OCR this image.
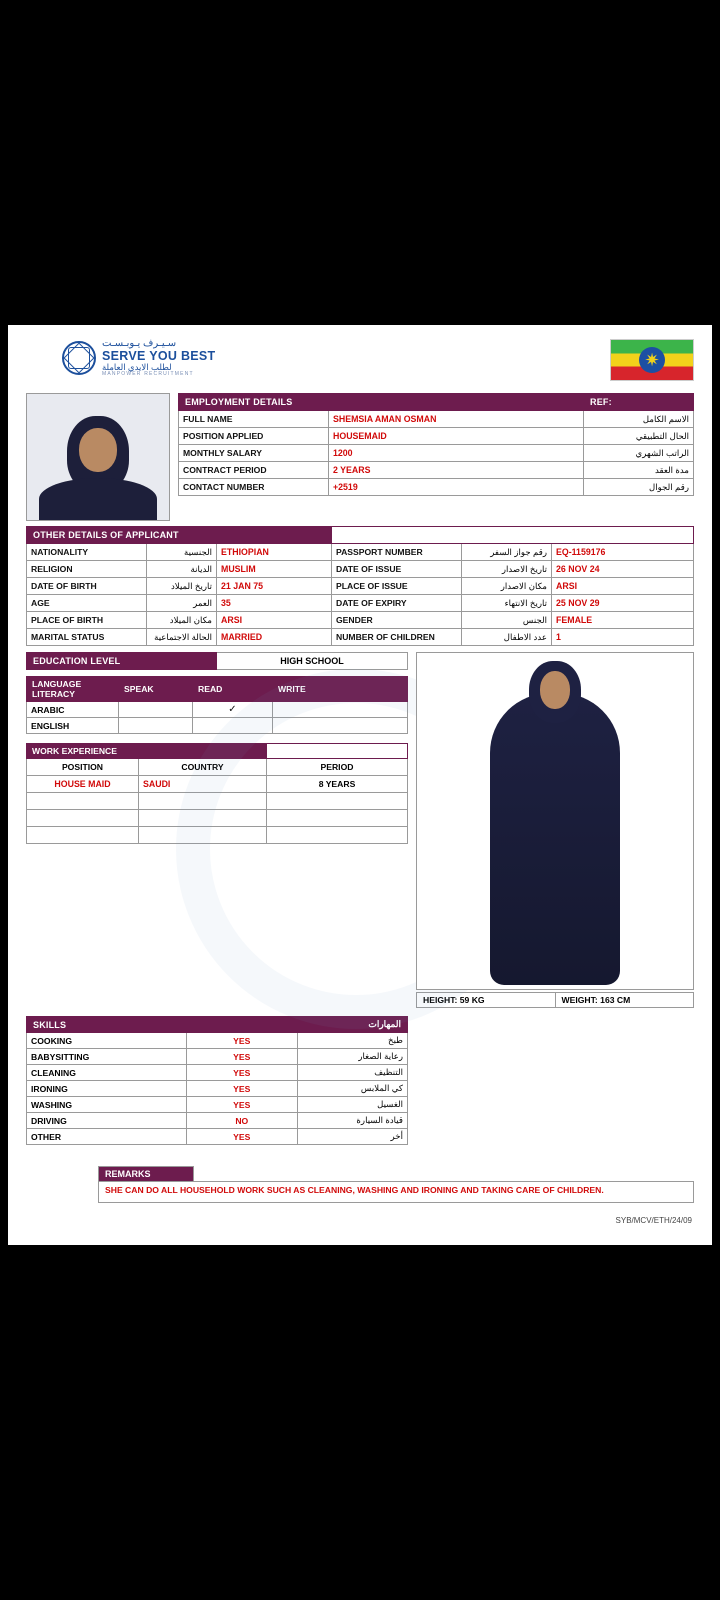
سـيـرف يـوبـسـت
SERVE YOU BEST
لطلب الايدي العاملة
MANPOWER RECRUITMENT
✷
EMPLOYMENT DETAILS		REF:
FULL NAME	SHEMSIA AMAN OSMAN	الاسم الكامل
POSITION APPLIED	HOUSEMAID	الحال التطبيقي
MONTHLY SALARY	1200	الراتب الشهري
CONTRACT PERIOD	2 YEARS	مدة العقد
CONTACT NUMBER	+2519	رقم الجوال
OTHER DETAILS OF APPLICANT					
NATIONALITY	الجنسية	ETHIOPIAN	PASSPORT NUMBER	رقم جواز السفر	EQ-1159176
RELIGION	الديانة	MUSLIM	DATE OF ISSUE	تاريخ الاصدار	26 NOV 24
DATE OF BIRTH	تاريخ الميلاد	21 JAN 75	PLACE OF ISSUE	مكان الاصدار	ARSI
AGE	العمر	35	DATE OF EXPIRY	تاريخ الانتهاء	25 NOV 29
PLACE OF BIRTH	مكان الميلاد	ARSI	GENDER	الجنس	FEMALE
MARITAL STATUS	الحالة الاجتماعية	MARRIED	NUMBER OF CHILDREN	عدد الاطفال	1
EDUCATION LEVEL	HIGH SCHOOL
LANGUAGE LITERACY	SPEAK	READ	WRITE
ARABIC		✓	
ENGLISH			
WORK EXPERIENCE		
POSITION	COUNTRY	PERIOD
HOUSE MAID	SAUDI	8 YEARS

HEIGHT: 59 KG	WEIGHT: 163 CM
SKILLS		المهارات
COOKING	YES	طبخ
BABYSITTING	YES	رعاية الصغار
CLEANING	YES	التنظيف
IRONING	YES	كي الملابس
WASHING	YES	الغسيل
DRIVING	NO	قيادة السيارة
OTHER	YES	أخر
REMARKS
SHE CAN DO ALL HOUSEHOLD WORK SUCH AS CLEANING, WASHING AND IRONING AND TAKING CARE OF CHILDREN.
SYB/MCV/ETH/24/09
